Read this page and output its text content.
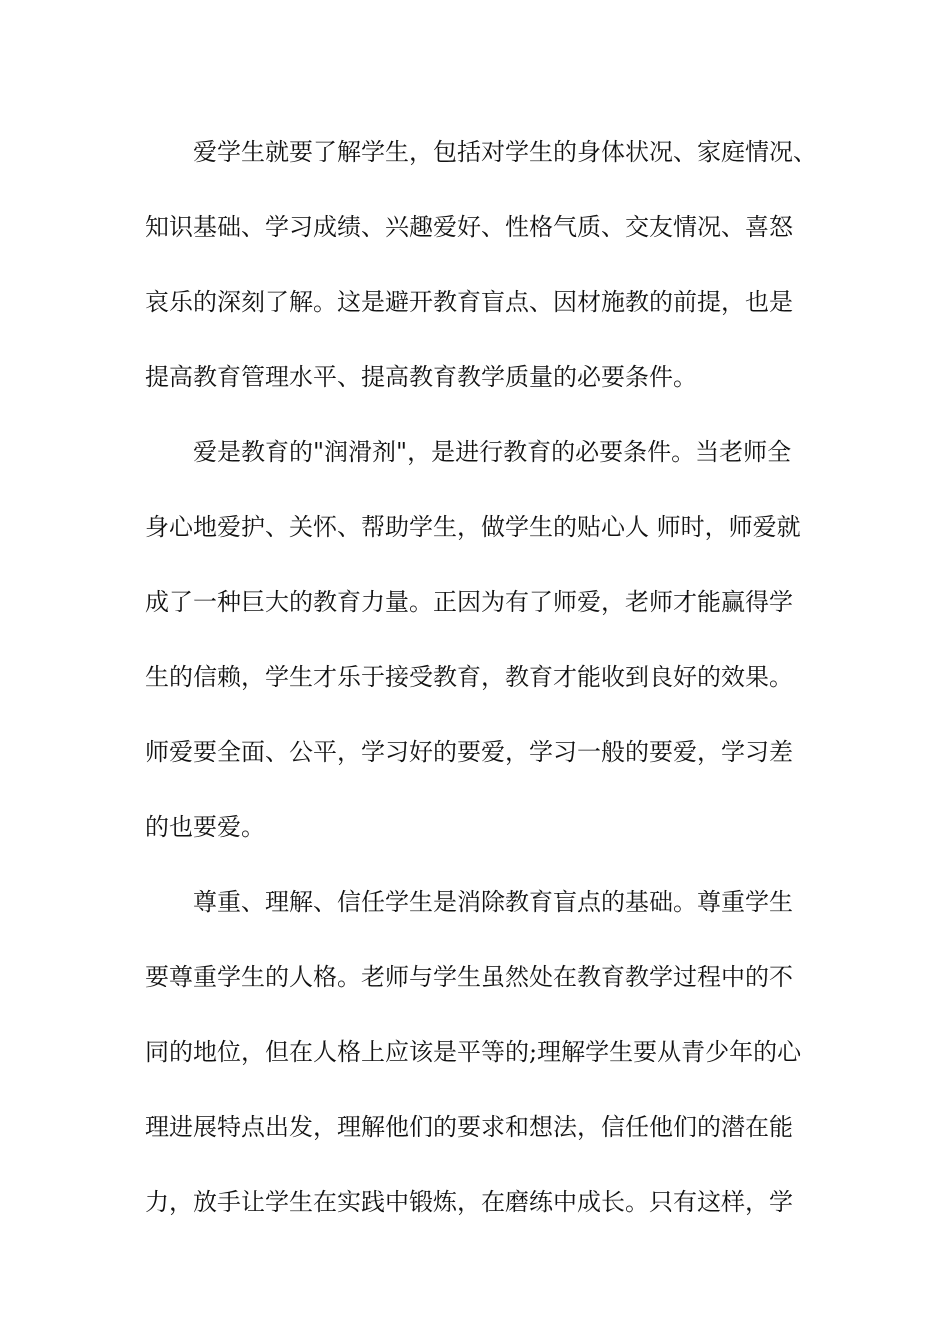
爱学生就要了解学生，包括对学生的身体状况、家庭情况、
知识基础、学习成绩、兴趣爱好、性格气质、交友情况、喜怒
哀乐的深刻了解。这是避开教育盲点、因材施教的前提，也是
提高教育管理水平、提高教育教学质量的必要条件。
爱是教育的"润滑剂"，是进行教育的必要条件。当老师全
身心地爱护、关怀、帮助学生，做学生的贴心人 师时，师爱就
成了一种巨大的教育力量。正因为有了师爱，老师才能赢得学
生的信赖，学生才乐于接受教育，教育才能收到良好的效果。
师爱要全面、公平，学习好的要爱，学习一般的要爱，学习差
的也要爱。
尊重、理解、信任学生是消除教育盲点的基础。尊重学生
要尊重学生的人格。老师与学生虽然处在教育教学过程中的不
同的地位，但在人格上应该是平等的;理解学生要从青少年的心
理进展特点出发，理解他们的要求和想法，信任他们的潜在能
力，放手让学生在实践中锻炼，在磨练中成长。只有这样，学
